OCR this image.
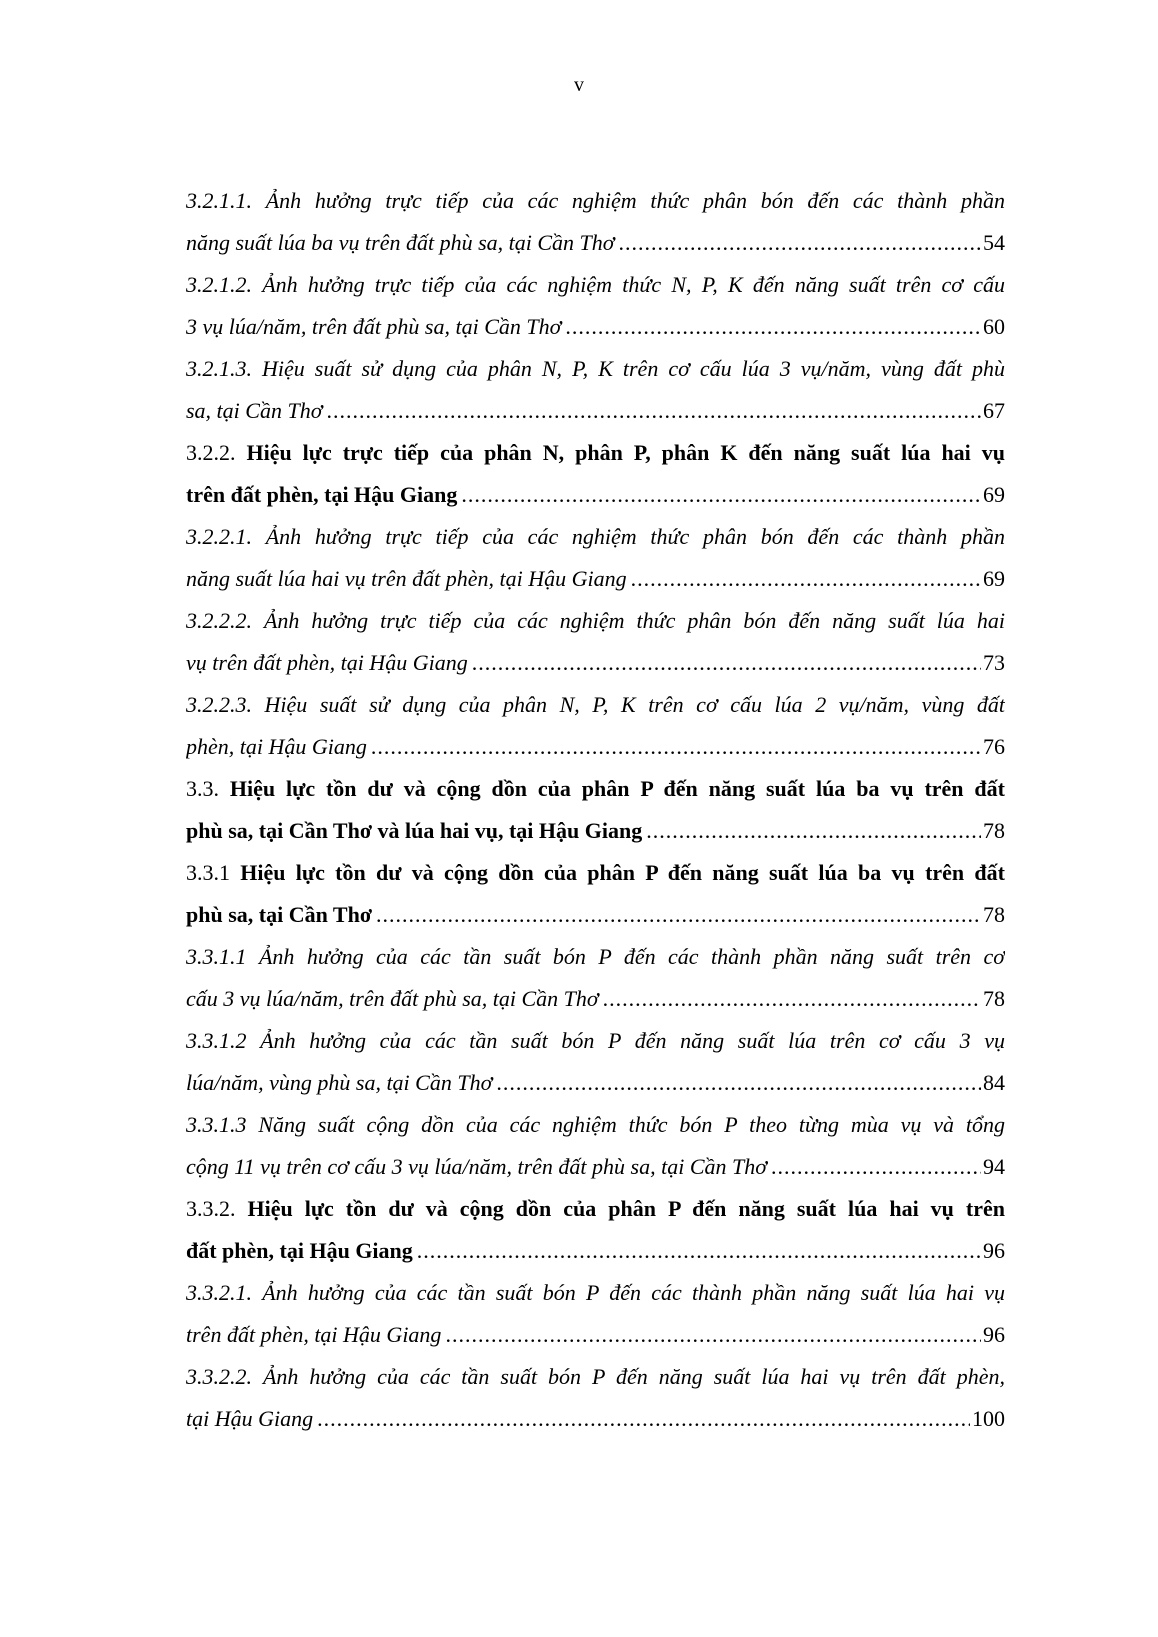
v
3.2.1.1. Ảnh hưởng trực tiếp của các nghiệm thức phân bón đến các thành phần
năng suất lúa ba vụ trên đất phù sa, tại Cần Thơ .....	54
3.2.1.2. Ảnh hưởng trực tiếp của các nghiệm thức N, P, K đến năng suất trên cơ cấu
3 vụ lúa/năm, trên đất phù sa, tại Cần Thơ .....	60
3.2.1.3. Hiệu suất sử dụng của phân N, P, K trên cơ cấu lúa 3 vụ/năm, vùng đất phù
sa, tại Cần Thơ .....	67
3.2.2. Hiệu lực trực tiếp của phân N, phân P, phân K đến năng suất lúa hai vụ
trên đất phèn, tại Hậu Giang .....	69
3.2.2.1. Ảnh hưởng trực tiếp của các nghiệm thức phân bón đến các thành phần
năng suất lúa hai vụ trên đất phèn, tại Hậu Giang .....	69
3.2.2.2. Ảnh hưởng trực tiếp của các nghiệm thức phân bón đến năng suất lúa hai
vụ trên đất phèn, tại Hậu Giang .....	73
3.2.2.3. Hiệu suất sử dụng của phân N, P, K trên cơ cấu lúa 2 vụ/năm, vùng đất
phèn, tại Hậu Giang .....	76
3.3. Hiệu lực tồn dư và cộng dồn của phân P đến năng suất lúa ba vụ trên đất
phù sa, tại Cần Thơ và lúa hai vụ, tại Hậu Giang .....	78
3.3.1 Hiệu lực tồn dư và cộng dồn của phân P đến năng suất lúa ba vụ trên đất
phù sa, tại Cần Thơ .....	78
3.3.1.1 Ảnh hưởng của các tần suất bón P đến các thành phần năng suất trên cơ
cấu 3 vụ lúa/năm, trên đất phù sa, tại Cần Thơ .....	78
3.3.1.2 Ảnh hưởng của các tần suất bón P đến năng suất lúa trên cơ cấu 3 vụ
lúa/năm, vùng phù sa, tại Cần Thơ .....	84
3.3.1.3 Năng suất cộng dồn của các nghiệm thức bón P theo từng mùa vụ và tổng
cộng 11 vụ trên cơ cấu 3 vụ lúa/năm, trên đất phù sa, tại Cần Thơ .....	94
3.3.2. Hiệu lực tồn dư và cộng dồn của phân P đến năng suất lúa hai vụ trên
đất phèn, tại Hậu Giang .....	96
3.3.2.1. Ảnh hưởng của các tần suất bón P đến các thành phần năng suất lúa hai vụ
trên đất phèn, tại Hậu Giang .....	96
3.3.2.2. Ảnh hưởng của các tần suất bón P đến năng suất lúa hai vụ trên đất phèn,
tại Hậu Giang .....	100
